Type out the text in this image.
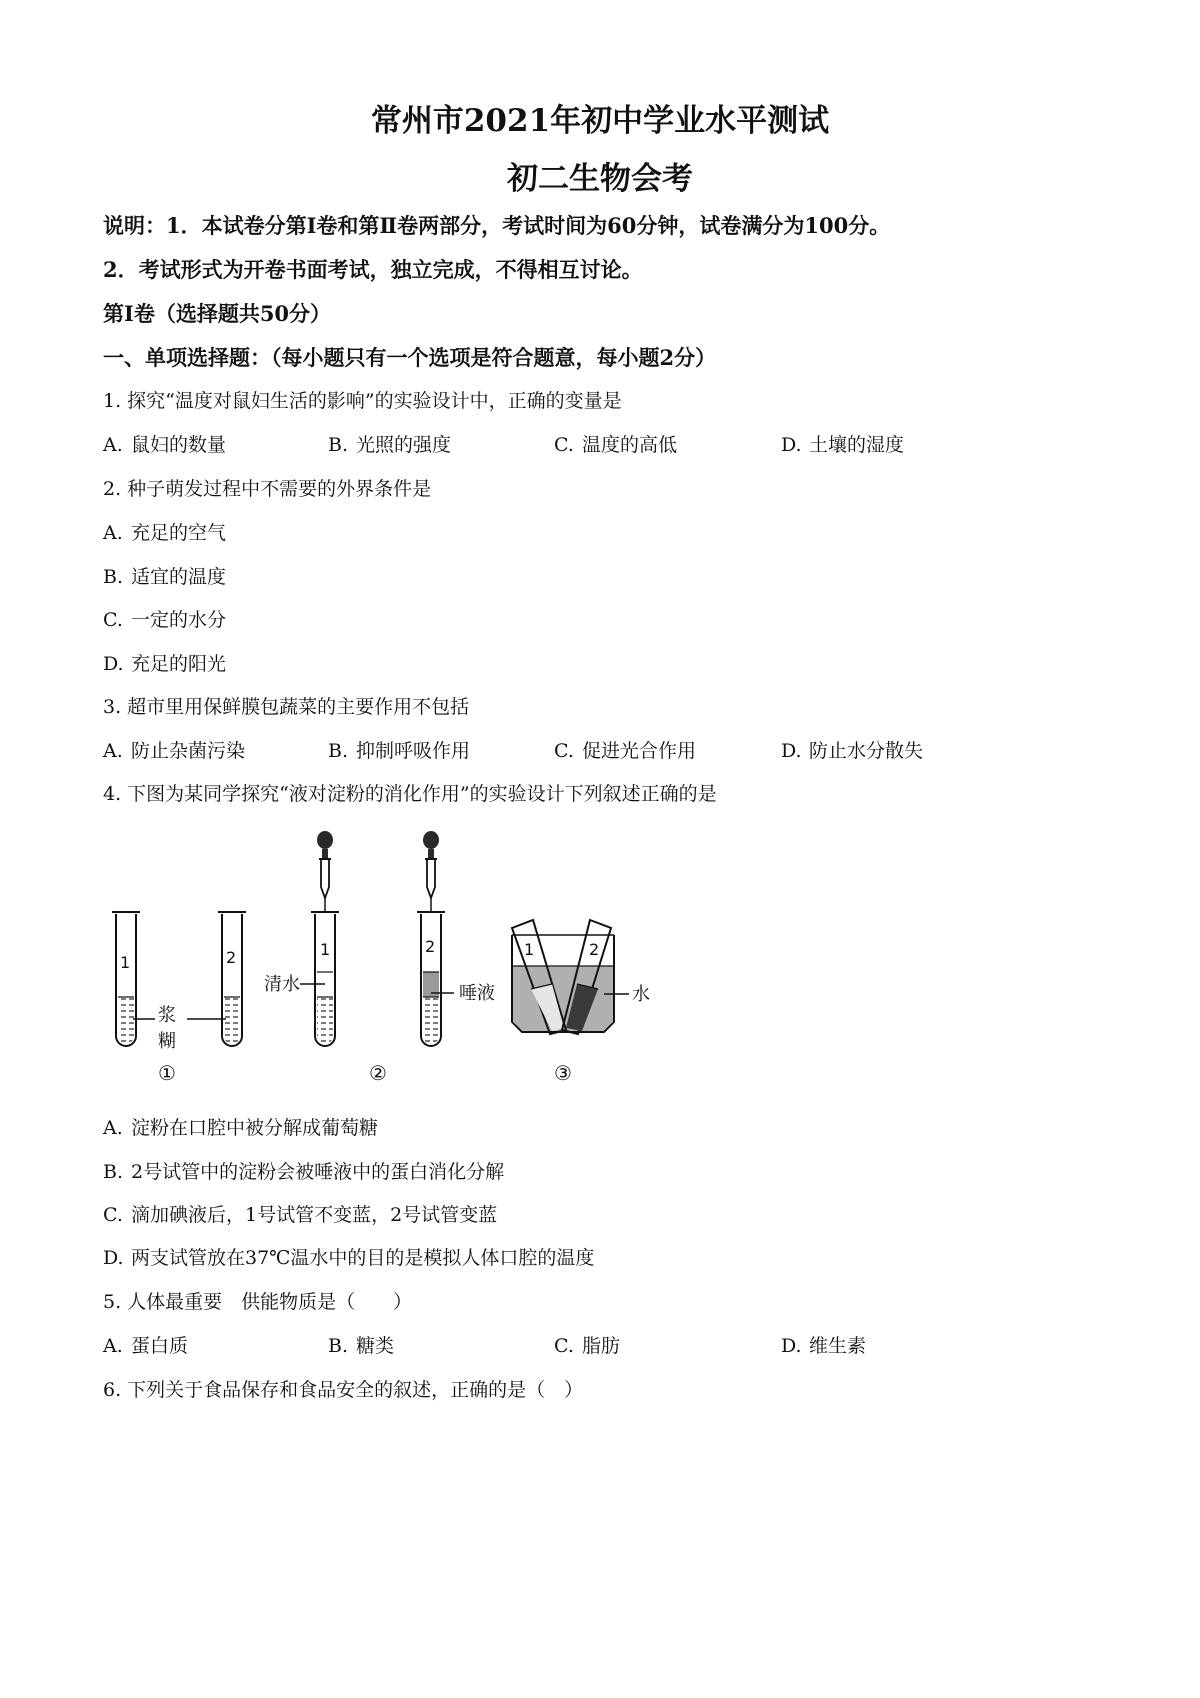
常州市2021年初中学业水平测试
初二生物会考
说明：1．本试卷分第Ⅰ卷和第Ⅱ卷两部分，考试时间为60分钟，试卷满分为100分。
2．考试形式为开卷书面考试，独立完成，不得相互讨论。
第Ⅰ卷（选择题共50分）
一、单项选择题：（每小题只有一个选项是符合题意，每小题2分）
1. 探究“温度对鼠妇生活的影响”的实验设计中，正确的变量是
A. 鼠妇的数量	B. 光照的强度	C. 温度的高低	D. 土壤的湿度
2. 种子萌发过程中不需要的外界条件是
A. 充足的空气
B. 适宜的温度
C. 一定的水分
D. 充足的阳光
3. 超市里用保鲜膜包蔬菜的主要作用不包括
A. 防止杂菌污染	B. 抑制呼吸作用	C. 促进光合作用	D. 防止水分散失
4. 下图为某同学探究“液对淀粉的消化作用”的实验设计下列叙述正确的是
1	2
浆
糊
1
清水
2
唾液
1	2
水
①	②	③
A. 淀粉在口腔中被分解成葡萄糖
B. 2号试管中的淀粉会被唾液中的蛋白消化分解
C. 滴加碘液后，1号试管不变蓝，2号试管变蓝
D. 两支试管放在37℃温水中的目的是模拟人体口腔的温度
5. 人体最重要　供能物质是（　　）
A. 蛋白质	B. 糖类	C. 脂肪	D. 维生素
6. 下列关于食品保存和食品安全的叙述，正确的是（　）
